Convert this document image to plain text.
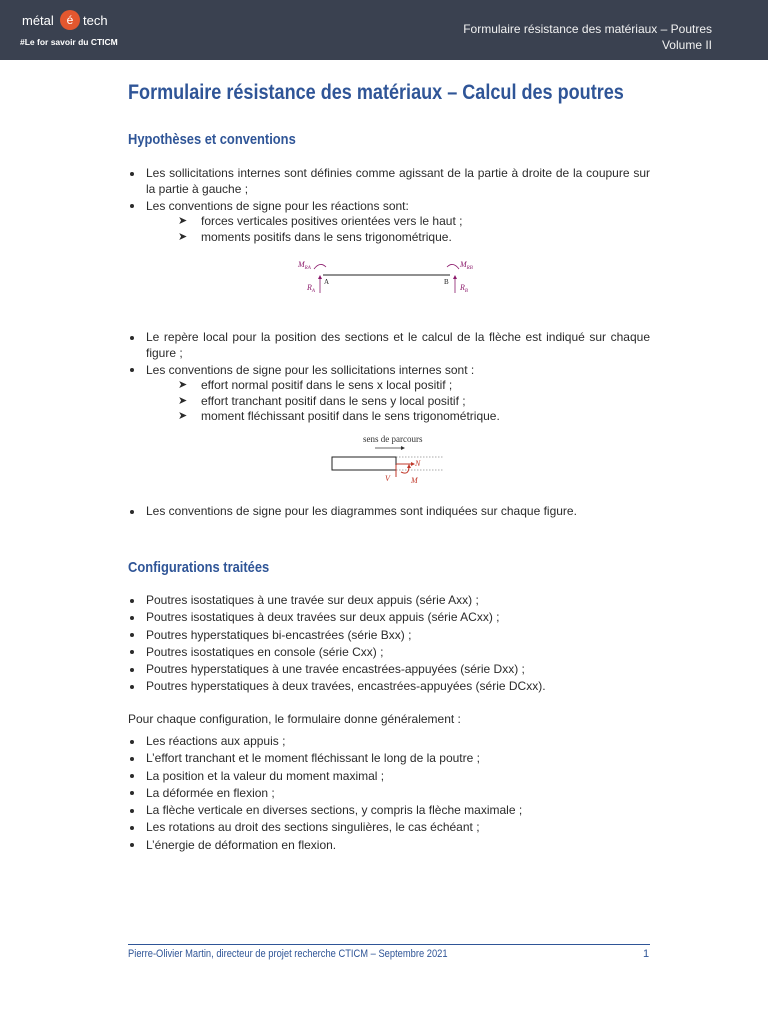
métal	é tech
#Le for savoir du CTICM
Formulaire résistance des matériaux – Poutres
Volume II
Formulaire résistance des matériaux – Calcul des poutres
Hypothèses et conventions
Les sollicitations internes sont définies comme agissant de la partie à droite de la coupure sur la partie à gauche ;
Les conventions de signe pour les réactions sont:
➤ forces verticales positives orientées vers le haut ;
➤ moments positifs dans le sens trigonométrique.
$M_{RA}$	$M_{RB}$
$R_A$	$R_B$
A	B
Le repère local pour la position des sections et le calcul de la flèche est indiqué sur chaque figure ;
Les conventions de signe pour les sollicitations internes sont :
➤ effort normal positif dans le sens x local positif ;
➤ effort tranchant positif dans le sens y local positif ;
➤ moment fléchissant positif dans le sens trigonométrique.
sens de parcours
N
V	M
Les conventions de signe pour les diagrammes sont indiquées sur chaque figure.
Configurations traitées
Poutres isostatiques à une travée sur deux appuis (série Axx) ;
Poutres isostatiques à deux travées sur deux appuis (série ACxx) ;
Poutres hyperstatiques bi-encastrées (série Bxx) ;
Poutres isostatiques en console (série Cxx) ;
Poutres hyperstatiques à une travée encastrées-appuyées (série Dxx) ;
Poutres hyperstatiques à deux travées, encastrées-appuyées (série DCxx).
Pour chaque configuration, le formulaire donne généralement :
Les réactions aux appuis ;
L’effort tranchant et le moment fléchissant le long de la poutre ;
La position et la valeur du moment maximal ;
La déformée en flexion ;
La flèche verticale en diverses sections, y compris la flèche maximale ;
Les rotations au droit des sections singulières, le cas échéant ;
L’énergie de déformation en flexion.
Pierre-Olivier Martin, directeur de projet recherche CTICM – Septembre 2021	1
